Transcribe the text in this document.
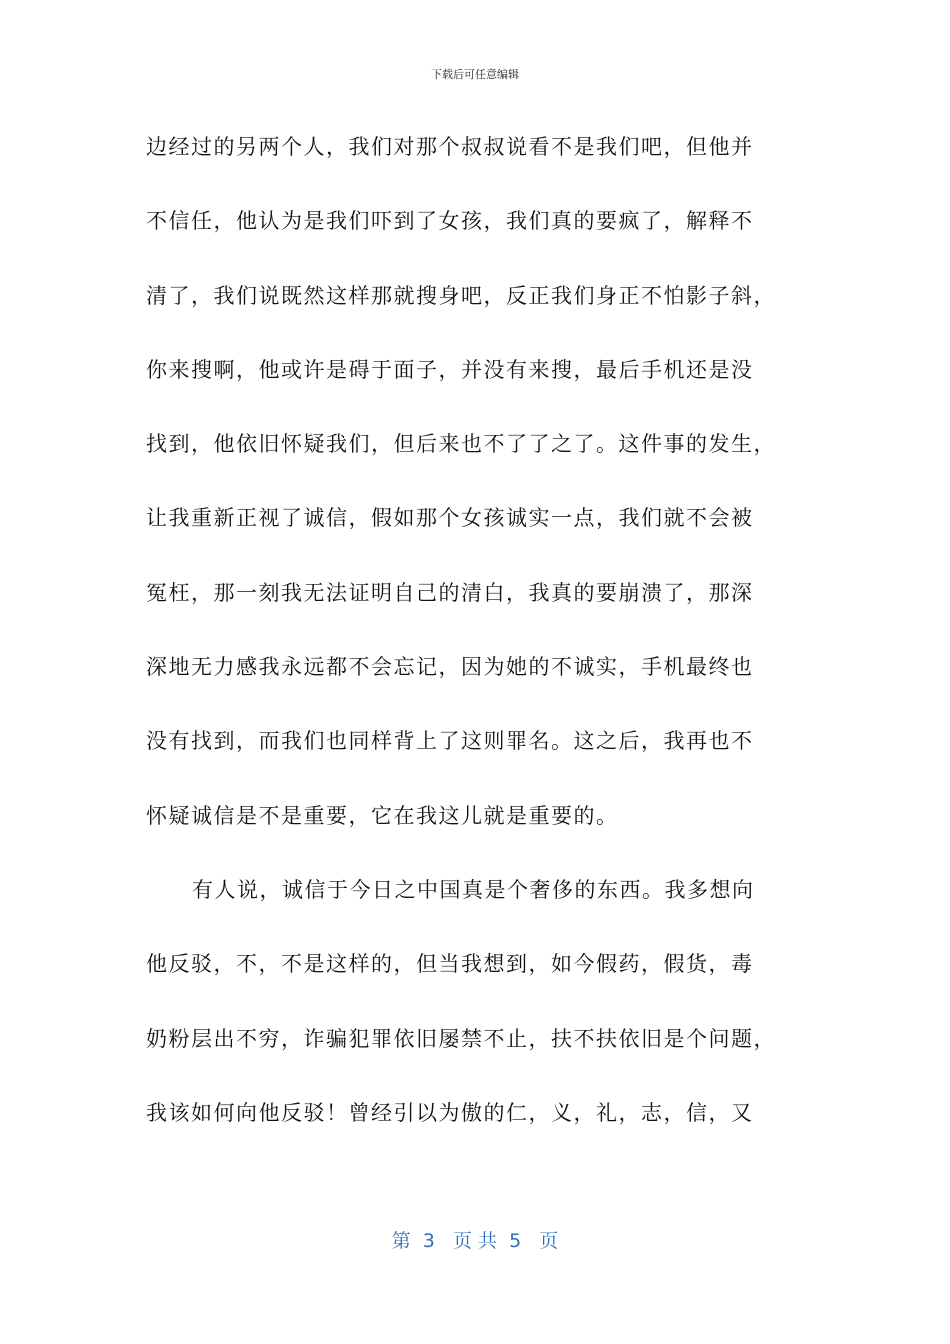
下载后可任意编辑
边经过的另两个人，我们对那个叔叔说看不是我们吧，但他并
不信任，他认为是我们吓到了女孩，我们真的要疯了，解释不
清了，我们说既然这样那就搜身吧，反正我们身正不怕影子斜，
你来搜啊，他或许是碍于面子，并没有来搜，最后手机还是没
找到，他依旧怀疑我们，但后来也不了了之了。这件事的发生，
让我重新正视了诚信，假如那个女孩诚实一点，我们就不会被
冤枉，那一刻我无法证明自己的清白，我真的要崩溃了，那深
深地无力感我永远都不会忘记，因为她的不诚实，手机最终也
没有找到，而我们也同样背上了这则罪名。这之后，我再也不
怀疑诚信是不是重要，它在我这儿就是重要的。
有人说，诚信于今日之中国真是个奢侈的东西。我多想向
他反驳，不，不是这样的，但当我想到，如今假药，假货，毒
奶粉层出不穷，诈骗犯罪依旧屡禁不止，扶不扶依旧是个问题，
我该如何向他反驳！曾经引以为傲的仁，义，礼，志，信，又
第  3   页 共  5   页
